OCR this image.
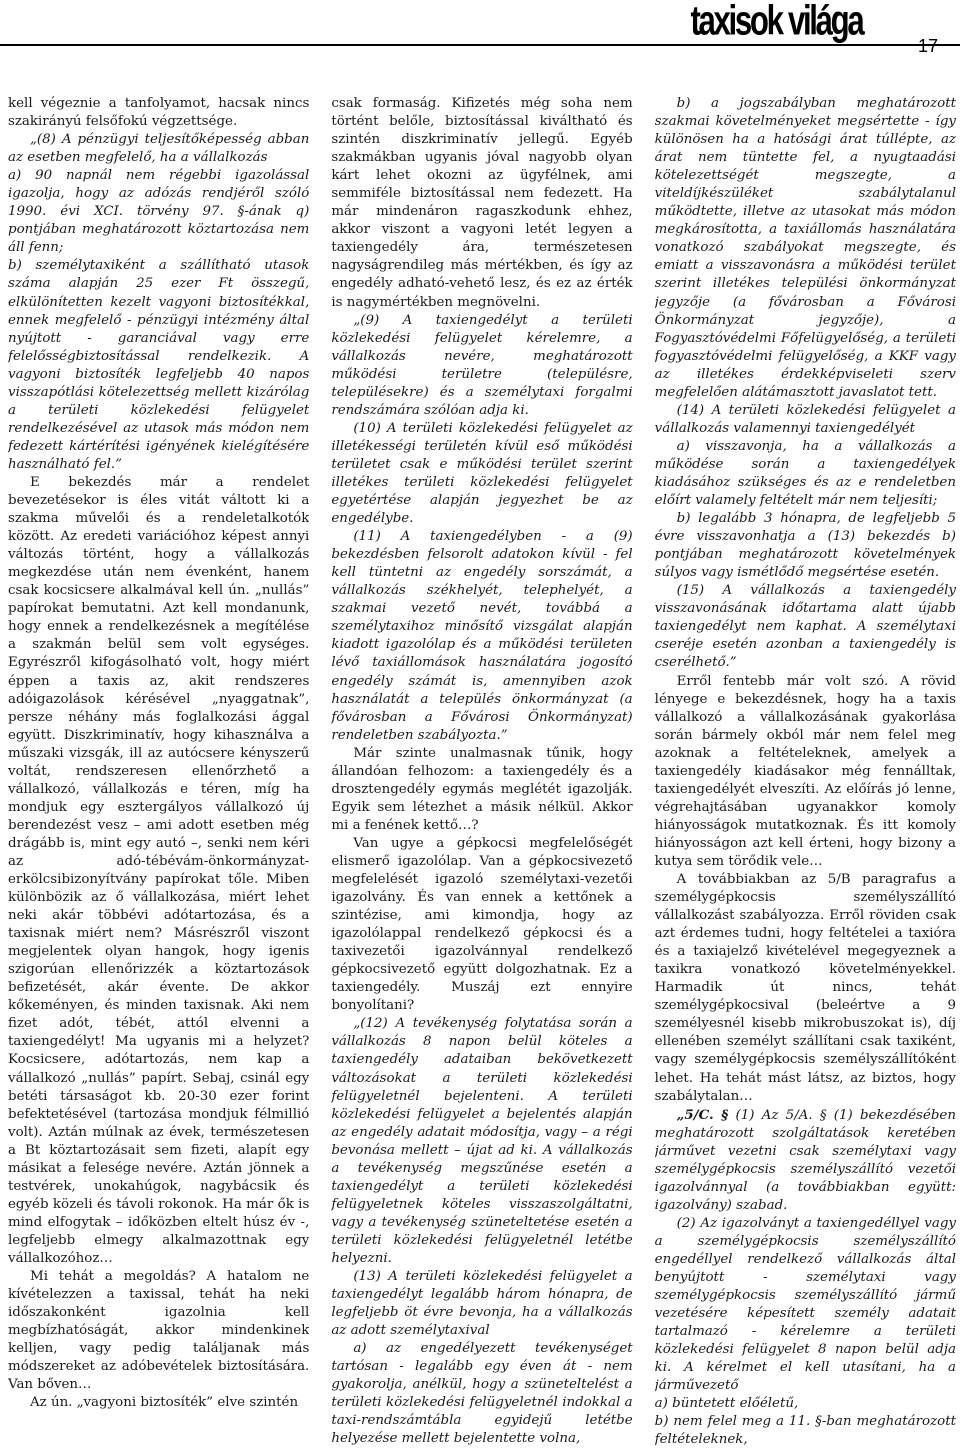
taxisok világa
17

kell végeznie a tanfolyamot, hacsak nincs szakirányú felsőfokú végzettsége.

„(8) A pénzügyi teljesítőképesség abban az esetben megfelelő, ha a vállalkozás

a) 90 napnál nem régebbi igazolással igazolja, hogy az adózás rendjéről szóló 1990. évi XCI. törvény 97. §-ának q) pontjában meghatározott köztartozása nem áll fenn;

b) személytaxiként a szállítható utasok száma alapján 25 ezer Ft összegű, elkülönítetten kezelt vagyoni biztosítékkal, ennek megfelelő - pénzügyi intézmény által nyújtott - garanciával vagy erre felelősségbiztosítással rendelkezik. A vagyoni biztosíték legfeljebb 40 napos visszapótlási kötelezettség mellett kizárólag a területi közlekedési felügyelet rendelkezésével az utasok más módon nem fedezett kártérítési igényének kielégítésére használható fel.”

E bekezdés már a rendelet bevezetésekor is éles vitát váltott ki a szakma művelői és a rendeletalkotók között. Az eredeti variációhoz képest annyi változás történt, hogy a vállalkozás megkezdése után nem évenként, hanem csak kocsicsere alkalmával kell ún. „nullás” papírokat bemutatni. Azt kell mondanunk, hogy ennek a rendelkezésnek a megítélése a szakmán belül sem volt egységes. Egyrészről kifogásolható volt, hogy miért éppen a taxis az, akit rendszeres adóigazolások kérésével „nyaggatnak”, persze néhány más foglalkozási ággal együtt. Diszkriminatív, hogy kihasználva a műszaki vizsgák, ill az autócsere kényszerű voltát, rendszeresen ellenőrzhető a vállalkozó, vállalkozás e téren, míg ha mondjuk egy esztergályos vállalkozó új berendezést vesz – ami adott esetben még drágább is, mint egy autó –, senki nem kéri az adó-tébévám-önkormányzat-erkölcsibizonyítvány papírokat tőle. Miben különbözik az ő vállalkozása, miért lehet neki akár többévi adótartozása, és a taxisnak miért nem? Másrészről viszont megjelentek olyan hangok, hogy igenis szigorúan ellenőrizzék a köztartozások befizetését, akár évente. De akkor kőkeményen, és minden taxisnak. Aki nem fizet adót, tébét, attól elvenni a taxiengedélyt! Ma ugyanis mi a helyzet? Kocsicsere, adótartozás, nem kap a vállalkozó „nullás” papírt. Sebaj, csinál egy betéti társaságot kb. 20-30 ezer forint befektetésével (tartozása mondjuk félmillió volt). Aztán múlnak az évek, természetesen a Bt köztartozásait sem fizeti, alapít egy másikat a felesége nevére. Aztán jönnek a testvérek, unokahúgok, nagybácsik és egyéb közeli és távoli rokonok. Ha már ők is mind elfogytak – időközben eltelt húsz év -, legfeljebb elmegy alkalmazottnak egy vállalkozóhoz…

Mi tehát a megoldás? A hatalom ne kívételezzen a taxissal, tehát ha neki időszakonként igazolnia kell megbízhatóságát, akkor mindenkinek kelljen, vagy pedig találjanak más módszereket az adóbevételek biztosítására. Van bőven…

Az ún. „vagyoni biztosíték” elve szintén

csak formaság. Kifizetés még soha nem történt belőle, biztosítással kiváltható és szintén diszkriminatív jellegű. Egyéb szakmákban ugyanis jóval nagyobb olyan kárt lehet okozni az ügyfélnek, ami semmiféle biztosítással nem fedezett. Ha már mindenáron ragaszkodunk ehhez, akkor viszont a vagyoni letét legyen a taxiengedély ára, természetesen nagyságrendileg más mértékben, és így az engedély adható-vehető lesz, és ez az érték is nagymértékben megnövelni.

„(9) A taxiengedélyt a területi közlekedési felügyelet kérelemre, a vállalkozás nevére, meghatározott működési területre (településre, településekre) és a személytaxi forgalmi rendszámára szólóan adja ki.

(10) A területi közlekedési felügyelet az illetékességi területén kívül eső működési területet csak e működési terület szerint illetékes területi közlekedési felügyelet egyetértése alapján jegyezhet be az engedélybe.

(11) A taxiengedélyben - a (9) bekezdésben felsorolt adatokon kívül - fel kell tüntetni az engedély sorszámát, a vállalkozás székhelyét, telephelyét, a szakmai vezető nevét, továbbá a személytaxihoz minősítő vizsgálat alapján kiadott igazolólap és a működési területen lévő taxiállomások használatára jogosító engedély számát is, amennyiben azok használatát a település önkormányzat (a fővárosban a Fővárosi Önkormányzat) rendeletben szabályozta.”

Már szinte unalmasnak tűnik, hogy állandóan felhozom: a taxiengedély és a drosztengedély egymás meglétét igazolják. Egyik sem létezhet a másik nélkül. Akkor mi a fenének kettő…?

Van ugye a gépkocsi megfelelőségét elismerő igazolólap. Van a gépkocsivezető megfelelését igazoló személytaxi-vezetői igazolvány. És van ennek a kettőnek a szintézise, ami kimondja, hogy az igazolólappal rendelkező gépkocsi és a taxivezetői igazolvánnyal rendelkező gépkocsivezető együtt dolgozhatnak. Ez a taxiengedély. Muszáj ezt ennyire bonyolítani?

„(12) A tevékenység folytatása során a vállalkozás 8 napon belül köteles a taxiengedély adataiban bekövetkezett változásokat a területi közlekedési felügyeletnél bejelenteni. A területi közlekedési felügyelet a bejelentés alapján az engedély adatait módosítja, vagy – a régi bevonása mellett – újat ad ki. A vállalkozás a tevékenység megszűnése esetén a taxiengedélyt a területi közlekedési felügyeletnek köteles visszaszolgáltatni, vagy a tevékenység szüneteltetése esetén a területi közlekedési felügyeletnél letétbe helyezni.

(13) A területi közlekedési felügyelet a taxiengedélyt legalább három hónapra, de legfeljebb öt évre bevonja, ha a vállalkozás az adott személytaxival

a) az engedélyezett tevékenységet tartósan - legalább egy éven át - nem gyakorolja, anélkül, hogy a szüneteltelést a területi közlekedési felügyeletnél indokkal a taxi-rendszámtábla egyidejű letétbe helyezése mellett bejelentette volna,

b) a jogszabályban meghatározott szakmai követelményeket megsértette - így különösen ha a hatósági árat túllépte, az árat nem tüntette fel, a nyugtaadási kötelezettségét megszegte, a viteldíjkészüléket szabálytalanul működtette, illetve az utasokat más módon megkárosította, a taxiállomás használatára vonatkozó szabályokat megszegte, és emiatt a visszavonásra a működési terület szerint illetékes települési önkormányzat jegyzője (a fővárosban a Fővárosi Önkormányzat jegyzője), a Fogyasztóvédelmi Főfelügyelőség, a területi fogyasztóvédelmi felügyelőség, a KKF vagy az illetékes érdekképviseleti szerv megfelelően alátámasztott javaslatot tett.

(14) A területi közlekedési felügyelet a vállalkozás valamennyi taxiengedélyét

a) visszavonja, ha a vállalkozás a működése során a taxiengedélyek kiadásához szükséges és az e rendeletben előírt valamely feltételt már nem teljesíti;

b) legalább 3 hónapra, de legfeljebb 5 évre visszavonhatja a (13) bekezdés b) pontjában meghatározott követelmények súlyos vagy ismétlődő megsértése esetén.

(15) A vállalkozás a taxiengedély visszavonásának időtartama alatt újabb taxiengedélyt nem kaphat. A személytaxi cseréje esetén azonban a taxiengedély is cserélhető.”

Erről fentebb már volt szó. A rövid lényege e bekezdésnek, hogy ha a taxis vállalkozó a vállalkozásának gyakorlása során bármely okból már nem felel meg azoknak a feltételeknek, amelyek a taxiengedély kiadásakor még fennálltak, taxiengedélyét elveszíti. Az előírás jó lenne, végrehajtásában ugyanakkor komoly hiányosságok mutatkoznak. És itt komoly hiányosságon azt kell érteni, hogy bizony a kutya sem törődik vele…

A továbbiakban az 5/B paragrafus a személygépkocsis személyszállító vállalkozást szabályozza. Erről röviden csak azt érdemes tudni, hogy feltételei a taxióra és a taxiajelző kivételével megegyeznek a taxikra vonatkozó követelményekkel. Harmadik út nincs, tehát személygépkocsival (beleértve a 9 személyesnél kisebb mikrobuszokat is), díj ellenében személyt szállítani csak taxiként, vagy személygépkocsis személyszállítóként lehet. Ha tehát mást látsz, az biztos, hogy szabálytalan…

„5/C. § (1) Az 5/A. § (1) bekezdésében meghatározott szolgáltatások keretében járművet vezetni csak személytaxi vagy személygépkocsis személyszállító vezetői igazolvánnyal (a továbbiakban együtt: igazolvány) szabad.

(2) Az igazolványt a taxiengedéllyel vagy a személygépkocsis személyszállító engedéllyel rendelkező vállalkozás által benyújtott - személytaxi vagy személygépkocsis személyszállító jármű vezetésére képesített személy adatait tartalmazó - kérelemre a területi közlekedési felügyelet 8 napon belül adja ki. A kérelmet el kell utasítani, ha a járművezető

a) büntetett előéletű,

b) nem felel meg a 11. §-ban meghatározott feltételeknek,
